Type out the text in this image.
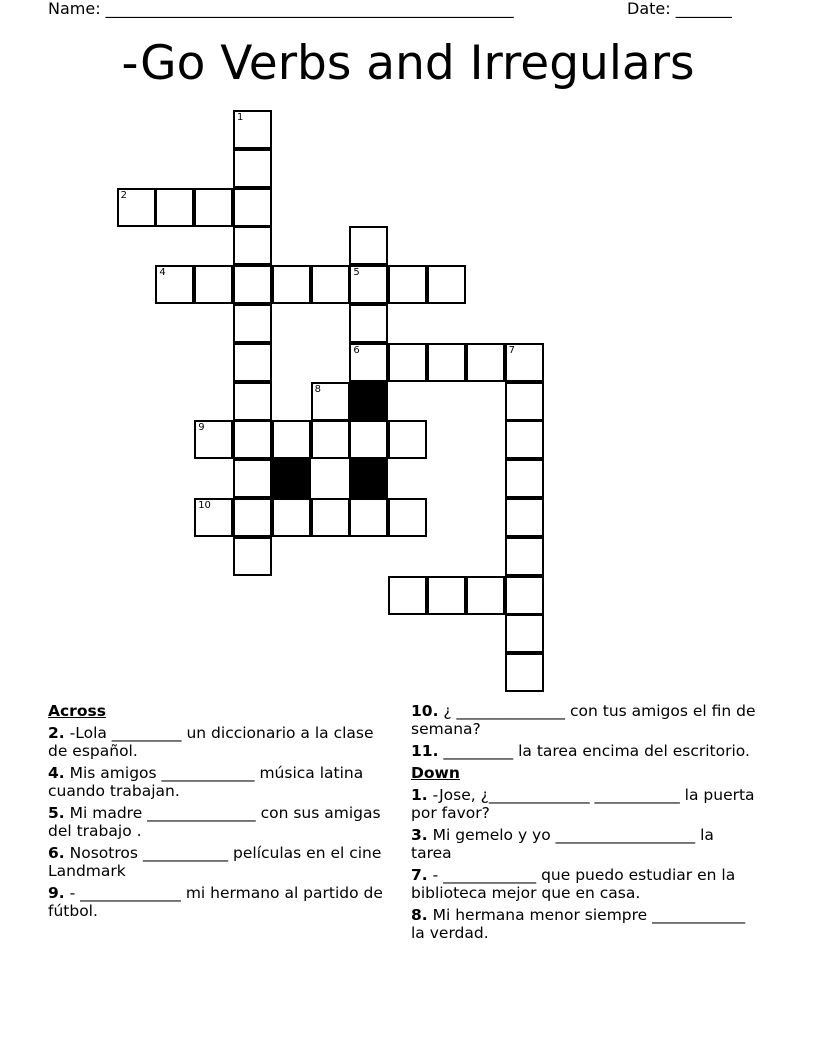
Name: ___________________________________________________	Date: _______
-Go Verbs and Irregulars
1
2
5
6
4
7
8
9
10
Across
2. -Lola _________ un diccionario a la clase de español.
4. Mis amigos ____________ música latina cuando trabajan.
5. Mi madre ______________ con sus amigas del trabajo .
6. Nosotros ___________ películas en el cine Landmark
9. - _____________ mi hermano al partido de fútbol.
10. ¿ ______________ con tus amigos el fin de semana?
11. _________ la tarea encima del escritorio.
Down
1. -Jose, ¿_____________ ___________ la puerta por favor?
3. Mi gemelo y yo __________________ la tarea
7. - ____________ que puedo estudiar en la biblioteca mejor que en casa.
8. Mi hermana menor siempre ____________ la verdad.
